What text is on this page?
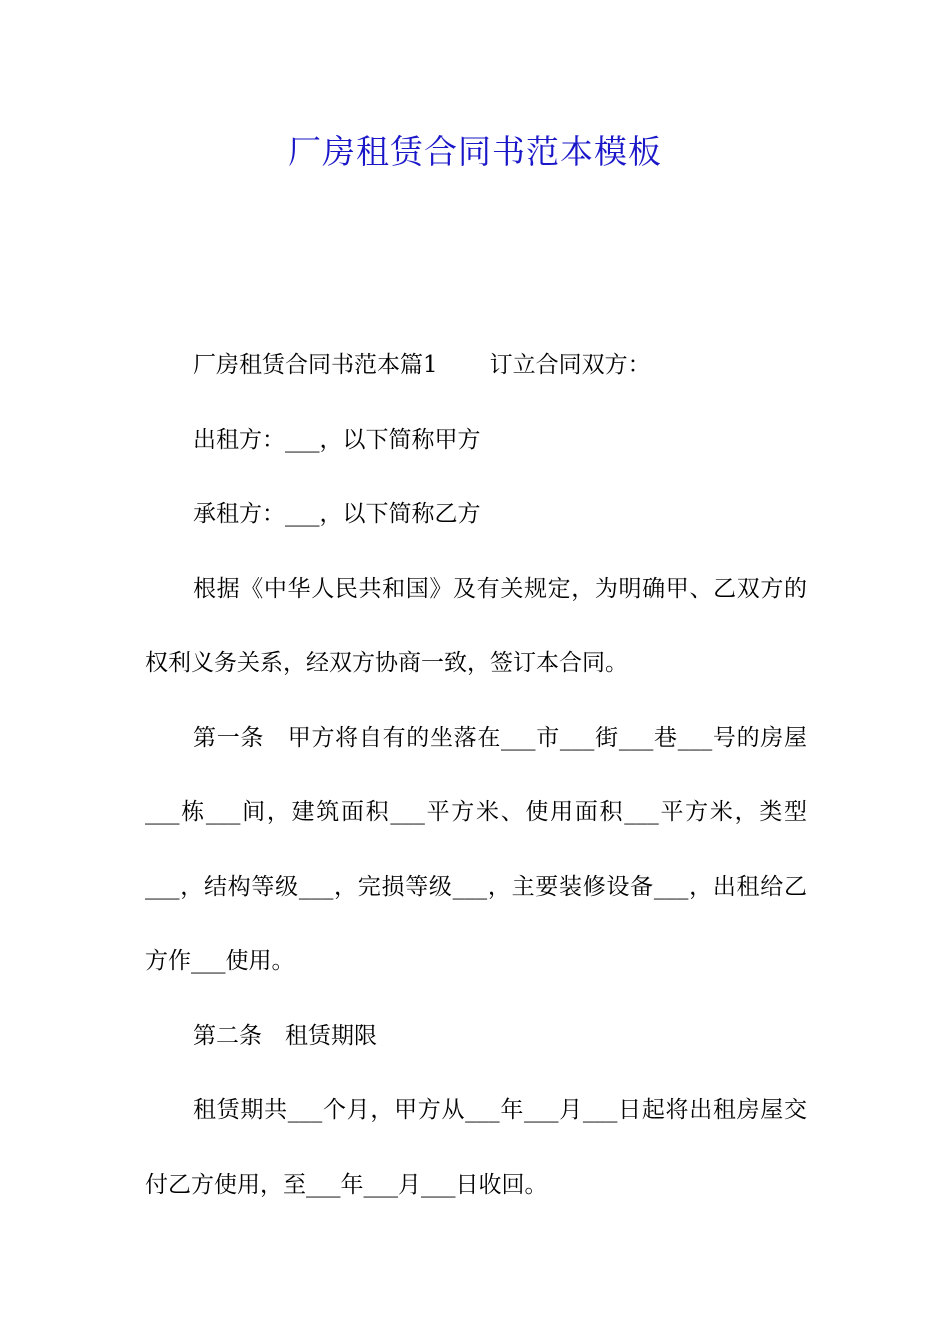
厂房租赁合同书范本模板

厂房租赁合同书范本篇1 订立合同双方：

出租方：___，以下简称甲方

承租方：___，以下简称乙方

根据《中华人民共和国》及有关规定，为明确甲、乙双方的权利义务关系，经双方协商一致，签订本合同。

第一条　甲方将自有的坐落在___市___街___巷___号的房屋___栋___间，建筑面积___平方米、使用面积___平方米，类型___，结构等级___，完损等级___，主要装修设备___，出租给乙方作___使用。

第二条　租赁期限

租赁期共___个月，甲方从___年___月___日起将出租房屋交付乙方使用，至___年___月___日收回。
